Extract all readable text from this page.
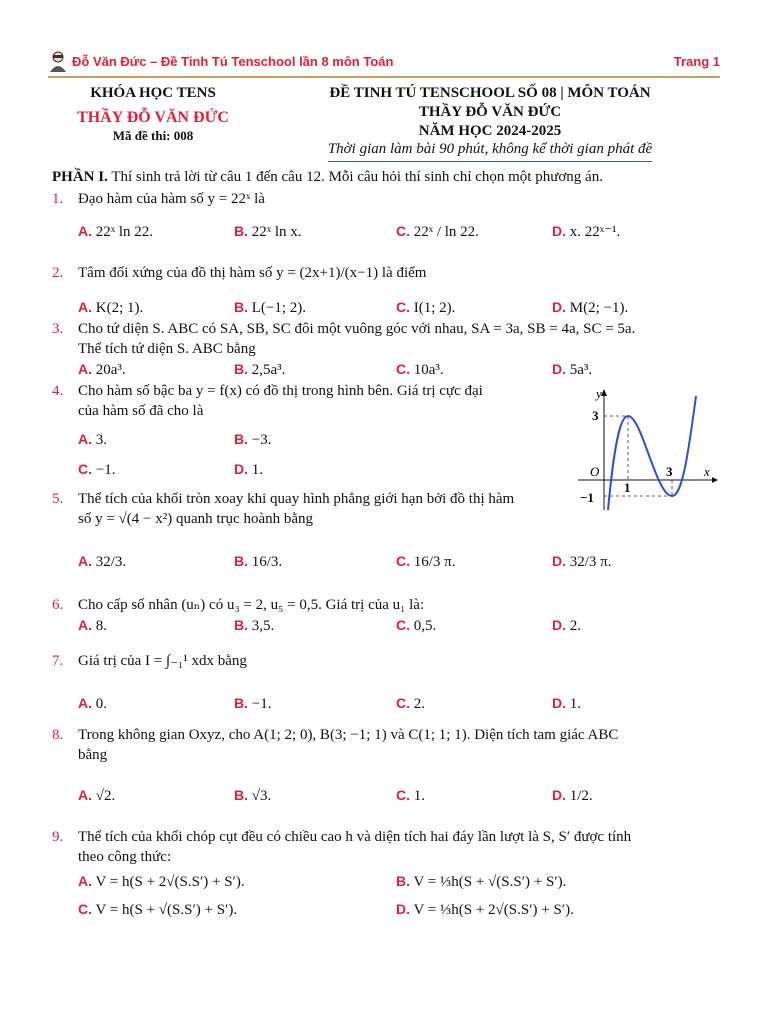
Đỗ Văn Đức – Đề Tinh Tú Tenschool lần 8 môn Toán	Trang 1
KHÓA HỌC TENS
THẦY ĐỖ VĂN ĐỨC
Mã đề thi: 008
ĐỀ TINH TÚ TENSCHOOL SỐ 08 | MÔN TOÁN
THẦY ĐỖ VĂN ĐỨC
NĂM HỌC 2024-2025
Thời gian làm bài 90 phút, không kể thời gian phát đề
PHẦN I. Thí sinh trả lời từ câu 1 đến câu 12. Mỗi câu hỏi thí sinh chỉ chọn một phương án.
1. Đạo hàm của hàm số y = 22ˣ là
A. 22ˣ ln 22.	B. 22ˣ ln x.	C. 22ˣ / ln 22.	D. x. 22ˣ⁻¹.
2. Tâm đối xứng của đồ thị hàm số y = (2x+1)/(x−1) là điểm
A. K(2; 1).	B. L(−1; 2).	C. I(1; 2).	D. M(2; −1).
3. Cho tứ diện S. ABC có SA, SB, SC đôi một vuông góc với nhau, SA = 3a, SB = 4a, SC = 5a.
Thể tích tứ diện S. ABC bằng
A. 20a³.	B. 2,5a³.	C. 10a³.	D. 5a³.
4. Cho hàm số bậc ba y = f(x) có đồ thị trong hình bên. Giá trị cực đại
của hàm số đã cho là
A. 3.	B. −3.
C. −1.	D. 1.
5. Thể tích của khối tròn xoay khi quay hình phẳng giới hạn bởi đồ thị hàm
số y = √(4 − x²) quanh trục hoành bằng
A. 32/3.	B. 16/3.	C. 16/3 π.	D. 32/3 π.
6. Cho cấp số nhân (uₙ) có u₃ = 2, u₅ = 0,5. Giá trị của u₁ là:
A. 8.	B. 3,5.	C. 0,5.	D. 2.
7. Giá trị của I = ∫₋₁¹ xdx bằng
A. 0.	B. −1.	C. 2.	D. 1.
8. Trong không gian Oxyz, cho A(1; 2; 0), B(3; −1; 1) và C(1; 1; 1). Diện tích tam giác ABC
bằng
A. √2.	B. √3.	C. 1.	D. 1/2.
9. Thể tích của khối chóp cụt đều có chiều cao h và diện tích hai đáy lần lượt là S, S′ được tính
theo công thức:
A. V = h(S + 2√(S.S′) + S′).	B. V = ⅓h(S + √(S.S′) + S′).
C. V = h(S + √(S.S′) + S′).	D. V = ⅓h(S + 2√(S.S′) + S′).
y
x
O
3
−1
1
3
